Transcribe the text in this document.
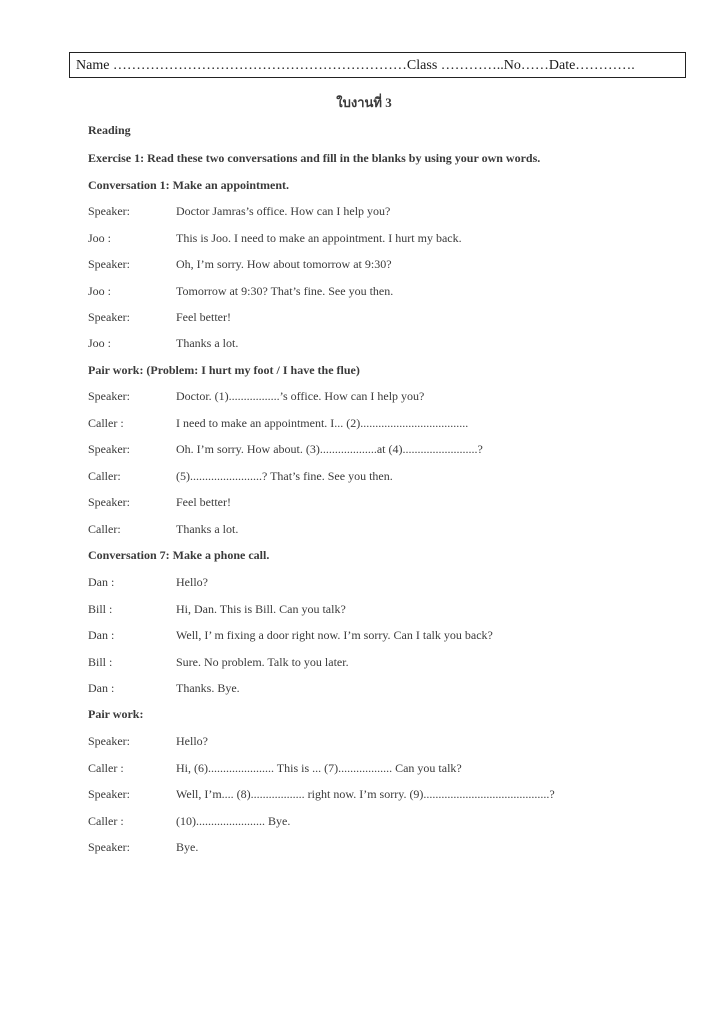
Name ………………………………………………………Class …………..No……Date………….
ใบงานที่ 3
Reading
Exercise 1: Read these two conversations and fill in the blanks by using your own words.
Conversation 1: Make an appointment.
Speaker:	Doctor Jamras’s office. How can I help you?
Joo :	This is Joo. I need to make an appointment. I hurt my back.
Speaker:	Oh, I’m sorry. How about tomorrow at 9:30?
Joo :	Tomorrow at 9:30? That’s fine. See you then.
Speaker:	Feel better!
Joo :	Thanks a lot.
Pair work: (Problem: I hurt my foot / I have the flue)
Speaker:	Doctor. (1).................’s office. How can I help you?
Caller :	I need to make an appointment. I... (2)....................................
Speaker:	Oh. I’m sorry. How about. (3)...................at (4).........................?
Caller:	(5)........................? That’s fine. See you then.
Speaker:	Feel better!
Caller:	Thanks a lot.
Conversation 7: Make a phone call.
Dan :	Hello?
Bill :	Hi, Dan. This is Bill. Can you talk?
Dan :	Well, I’ m fixing a door right now. I’m sorry. Can I talk you back?
Bill :	Sure. No problem. Talk to you later.
Dan :	Thanks. Bye.
Pair work:
Speaker:	Hello?
Caller :	Hi, (6)...................... This is ... (7).................. Can you talk?
Speaker:	Well, I’m.... (8).................. right now. I’m sorry. (9)..........................................?
Caller :	(10)....................... Bye.
Speaker:	Bye.
